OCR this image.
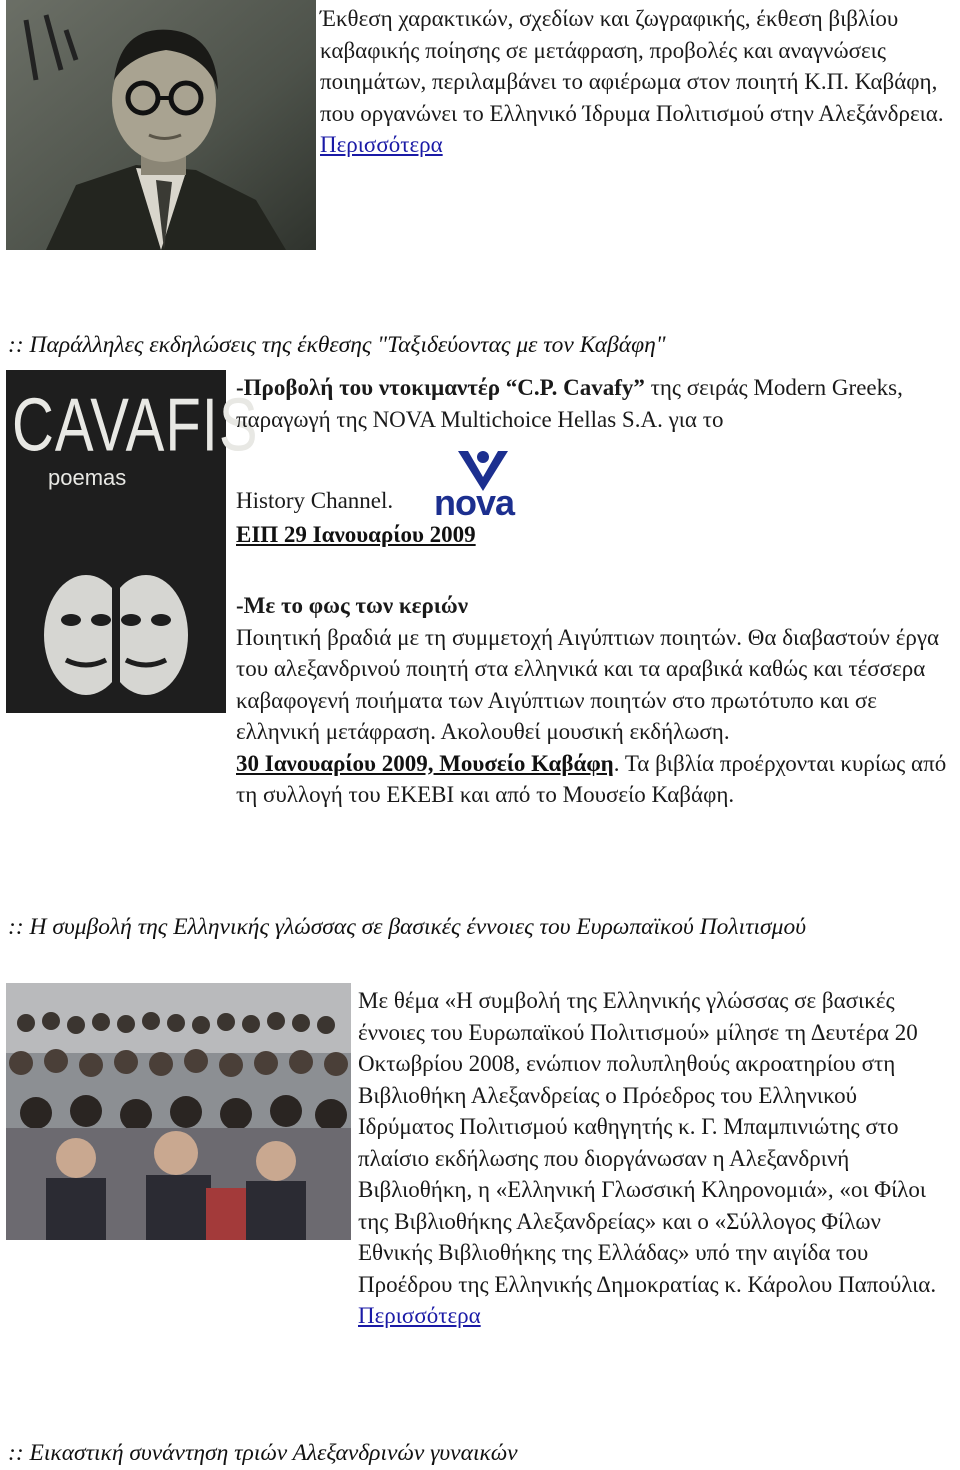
Έκθεση χαρακτικών, σχεδίων και ζωγραφικής, έκθεση βιβλίου καβαφικής ποίησης σε μετάφραση, προβολές και αναγνώσεις ποιημάτων, περιλαμβάνει το αφιέρωμα στον ποιητή Κ.Π. Καβάφη, που οργανώνει το Ελληνικό Ίδρυμα Πολιτισμού στην Αλεξάνδρεια.

Περισσότερα
:: Παράλληλες εκδηλώσεις της έκθεσης "Ταξιδεύοντας με τον Καβάφη"
CAVAFIS
poemas

-Προβολή του ντοκιμαντέρ “C.P. Cavafy” της σειράς Modern Greeks, παραγωγή της NOVA Multichoice Hellas S.A. για το

History Channel. nova
ΕΙΠ 29 Ιανουαρίου 2009

-Με το φως των κεριών

Ποιητική βραδιά με τη συμμετοχή Αιγύπτιων ποιητών. Θα διαβαστούν έργα του αλεξανδρινού ποιητή στα ελληνικά και τα αραβικά καθώς και τέσσερα καβαφογενή ποιήματα των Αιγύπτιων ποιητών στο πρωτότυπο και σε ελληνική μετάφραση. Ακολουθεί μουσική εκδήλωση.

30 Ιανουαρίου 2009, Μουσείο Καβάφη. Τα βιβλία προέρχονται κυρίως από τη συλλογή του ΕΚΕΒΙ και από το Μουσείο Καβάφη.

:: Η συμβολή της Ελληνικής γλώσσας σε βασικές έννοιες του Ευρωπαϊκού Πολιτισμού

Με θέμα «Η συμβολή της Ελληνικής γλώσσας σε βασικές έννοιες του Ευρωπαϊκού Πολιτισμού» μίλησε τη Δευτέρα 20 Οκτωβρίου 2008, ενώπιον πολυπληθούς ακροατηρίου στη Βιβλιοθήκη Αλεξανδρείας ο Πρόεδρος του Ελληνικού Ιδρύματος Πολιτισμού καθηγητής κ. Γ. Μπαμπινιώτης στο πλαίσιο εκδήλωσης που διοργάνωσαν η Αλεξανδρινή Βιβλιοθήκη, η «Ελληνική Γλωσσική Κληρονομιά», «οι Φίλοι της Βιβλιοθήκης Αλεξανδρείας» και ο «Σύλλογος Φίλων Εθνικής Βιβλιοθήκης της Ελλάδας» υπό την αιγίδα του Προέδρου της Ελληνικής Δημοκρατίας κ. Κάρολου Παπούλια.

Περισσότερα
:: Εικαστική συνάντηση τριών Αλεξανδρινών γυναικών
